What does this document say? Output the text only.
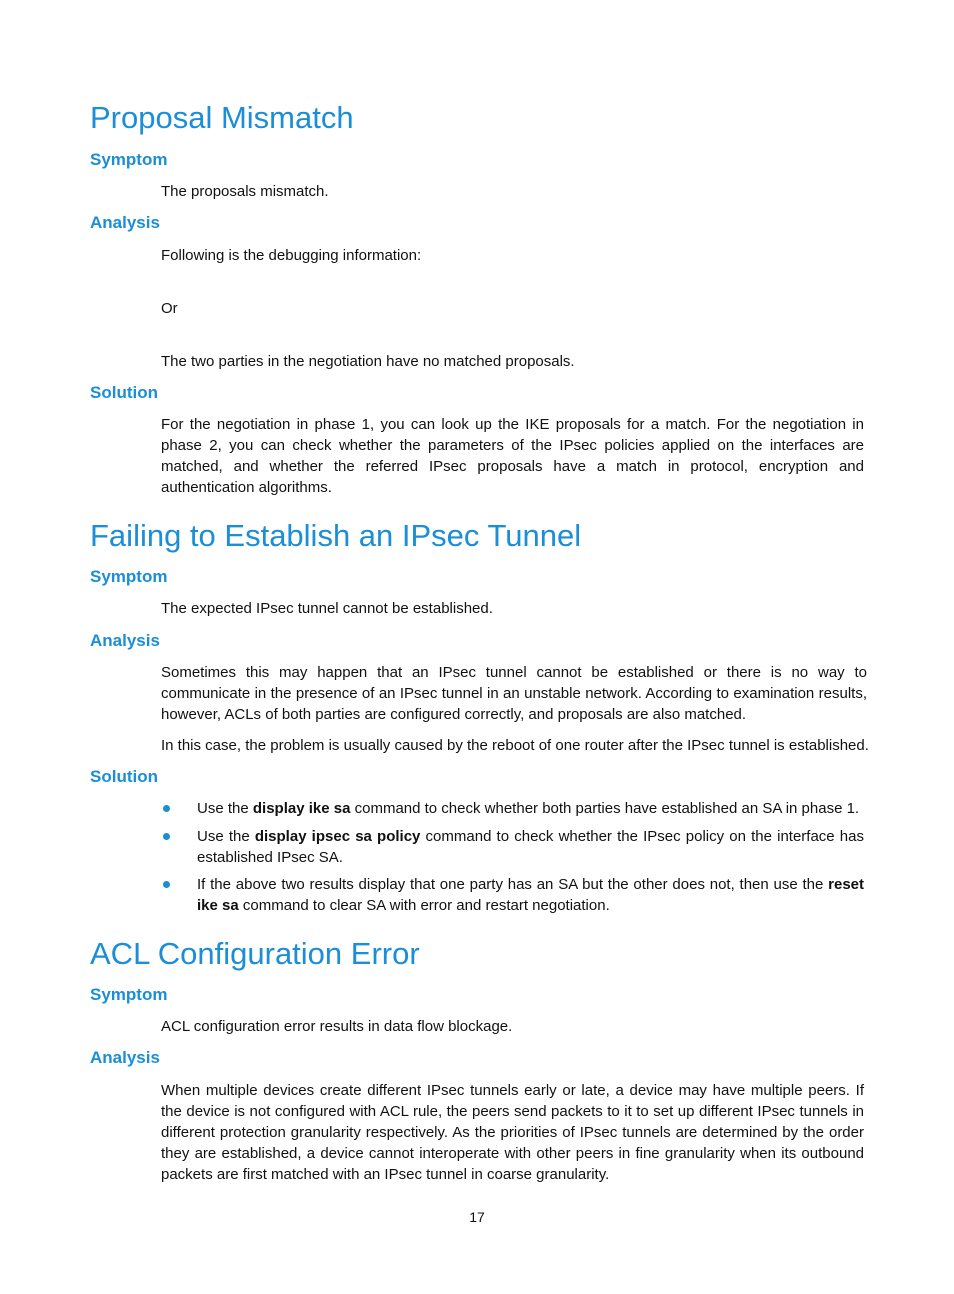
Proposal Mismatch
Symptom

The proposals mismatch.

Analysis

Following is the debugging information:

Or

The two parties in the negotiation have no matched proposals.

Solution

For the negotiation in phase 1, you can look up the IKE proposals for a match. For the negotiation in phase 2, you can check whether the parameters of the IPsec policies applied on the interfaces are matched, and whether the referred IPsec proposals have a match in protocol, encryption and authentication algorithms.

Failing to Establish an IPsec Tunnel
Symptom

The expected IPsec tunnel cannot be established.

Analysis

Sometimes this may happen that an IPsec tunnel cannot be established or there is no way to communicate in the presence of an IPsec tunnel in an unstable network. According to examination results, however, ACLs of both parties are configured correctly, and proposals are also matched.

In this case, the problem is usually caused by the reboot of one router after the IPsec tunnel is established.

Solution

Use the display ike sa command to check whether both parties have established an SA in phase 1.

Use the display ipsec sa policy command to check whether the IPsec policy on the interface has established IPsec SA.

If the above two results display that one party has an SA but the other does not, then use the reset ike sa command to clear SA with error and restart negotiation.

ACL Configuration Error
Symptom

ACL configuration error results in data flow blockage.

Analysis

When multiple devices create different IPsec tunnels early or late, a device may have multiple peers. If the device is not configured with ACL rule, the peers send packets to it to set up different IPsec tunnels in different protection granularity respectively. As the priorities of IPsec tunnels are determined by the order they are established, a device cannot interoperate with other peers in fine granularity when its outbound packets are first matched with an IPsec tunnel in coarse granularity.

17
